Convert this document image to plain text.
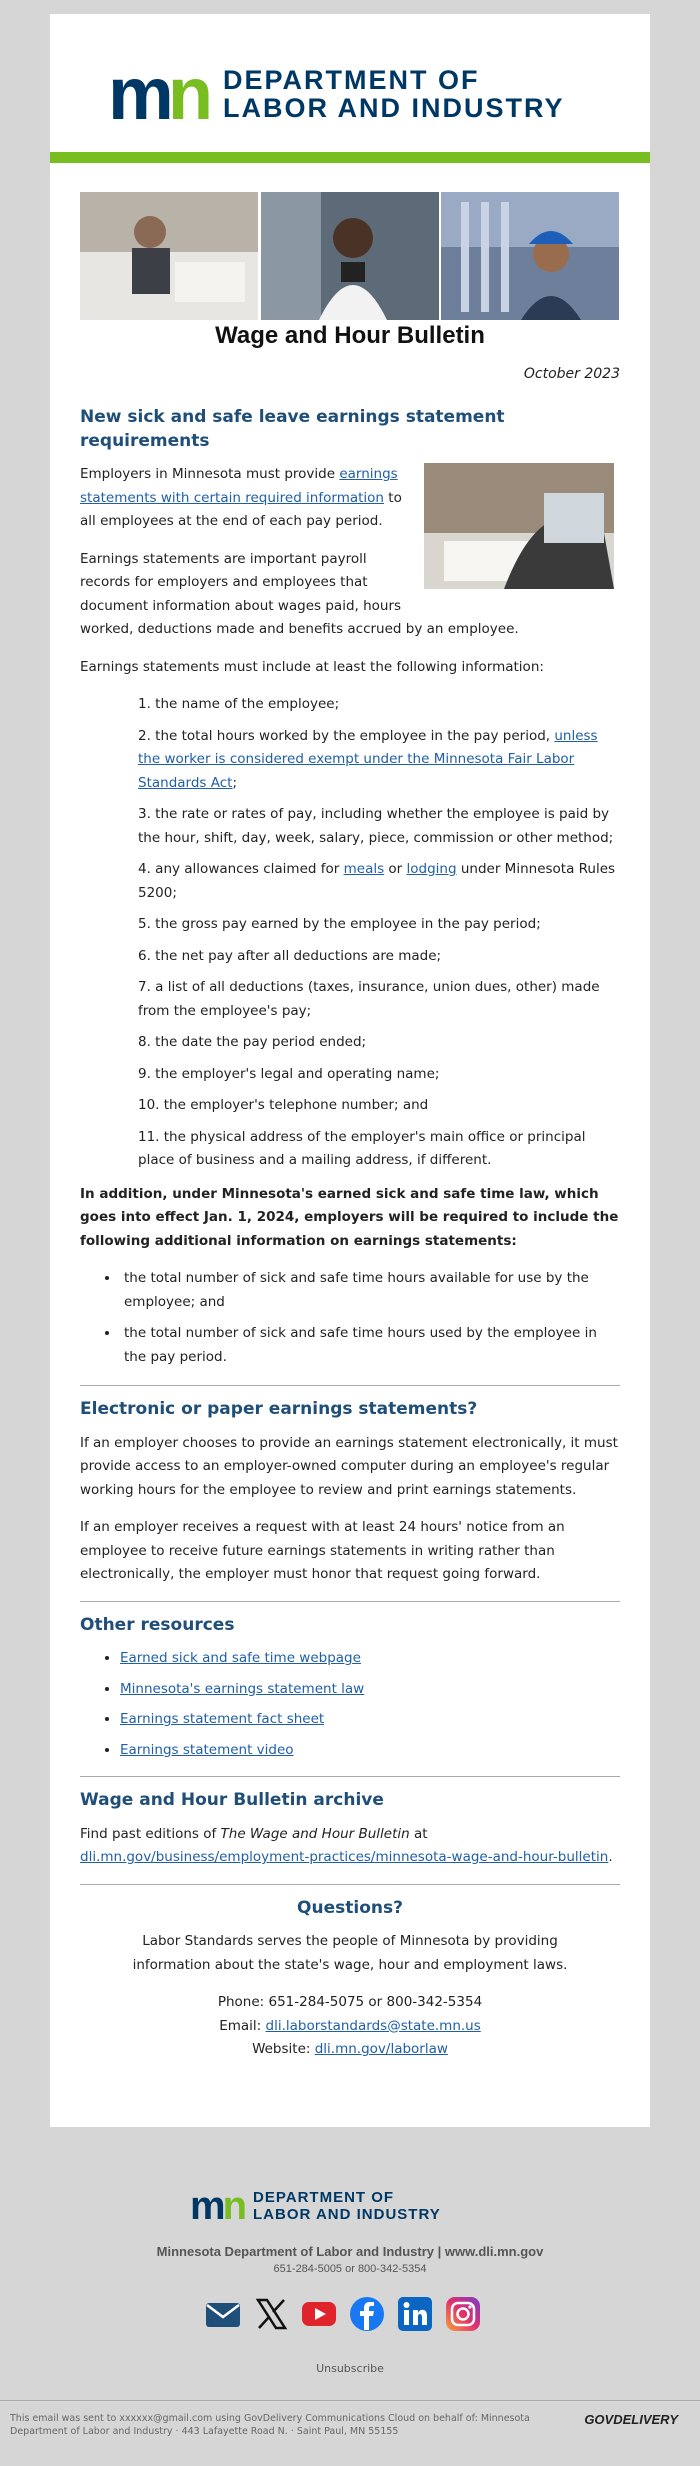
mn DEPARTMENT OF
LABOR AND INDUSTRY
Wage and Hour Bulletin
October 2023
New sick and safe leave earnings statement requirements

Employers in Minnesota must provide earnings statements with certain required information to all employees at the end of each pay period.

Earnings statements are important payroll records for employers and employees that document information about wages paid, hours worked, deductions made and benefits accrued by an employee.

Earnings statements must include at least the following information:

1. the name of the employee;
2. the total hours worked by the employee in the pay period, unless the worker is considered exempt under the Minnesota Fair Labor Standards Act;
3. the rate or rates of pay, including whether the employee is paid by the hour, shift, day, week, salary, piece, commission or other method;
4. any allowances claimed for meals or lodging under Minnesota Rules 5200;
5. the gross pay earned by the employee in the pay period;
6. the net pay after all deductions are made;
7. a list of all deductions (taxes, insurance, union dues, other) made from the employee's pay;
8. the date the pay period ended;
9. the employer's legal and operating name;
10. the employer's telephone number; and
11. the physical address of the employer's main office or principal place of business and a mailing address, if different.

In addition, under Minnesota's earned sick and safe time law, which goes into effect Jan. 1, 2024, employers will be required to include the following additional information on earnings statements:

• the total number of sick and safe time hours available for use by the employee; and
• the total number of sick and safe time hours used by the employee in the pay period.
Electronic or paper earnings statements?

If an employer chooses to provide an earnings statement electronically, it must provide access to an employer-owned computer during an employee's regular working hours for the employee to review and print earnings statements.

If an employer receives a request with at least 24 hours' notice from an employee to receive future earnings statements in writing rather than electronically, the employer must honor that request going forward.

Other resources
• Earned sick and safe time webpage
• Minnesota's earnings statement law
• Earnings statement fact sheet
• Earnings statement video
Wage and Hour Bulletin archive

Find past editions of The Wage and Hour Bulletin at dli.mn.gov/business/employment-practices/minnesota-wage-and-hour-bulletin.

Questions?

Labor Standards serves the people of Minnesota by providing information about the state's wage, hour and employment laws.

Phone: 651-284-5075 or 800-342-5354
Email: dli.laborstandards@state.mn.us
Website: dli.mn.gov/laborlaw
mn DEPARTMENT OF
LABOR AND INDUSTRY
Minnesota Department of Labor and Industry | www.dli.mn.gov
651-284-5005 or 800-342-5354
Unsubscribe
This email was sent to xxxxxx@gmail.com using GovDelivery Communications Cloud on behalf of: Minnesota Department of Labor and Industry · 443 Lafayette Road N. · Saint Paul, MN 55155
GOVDELIVERY
